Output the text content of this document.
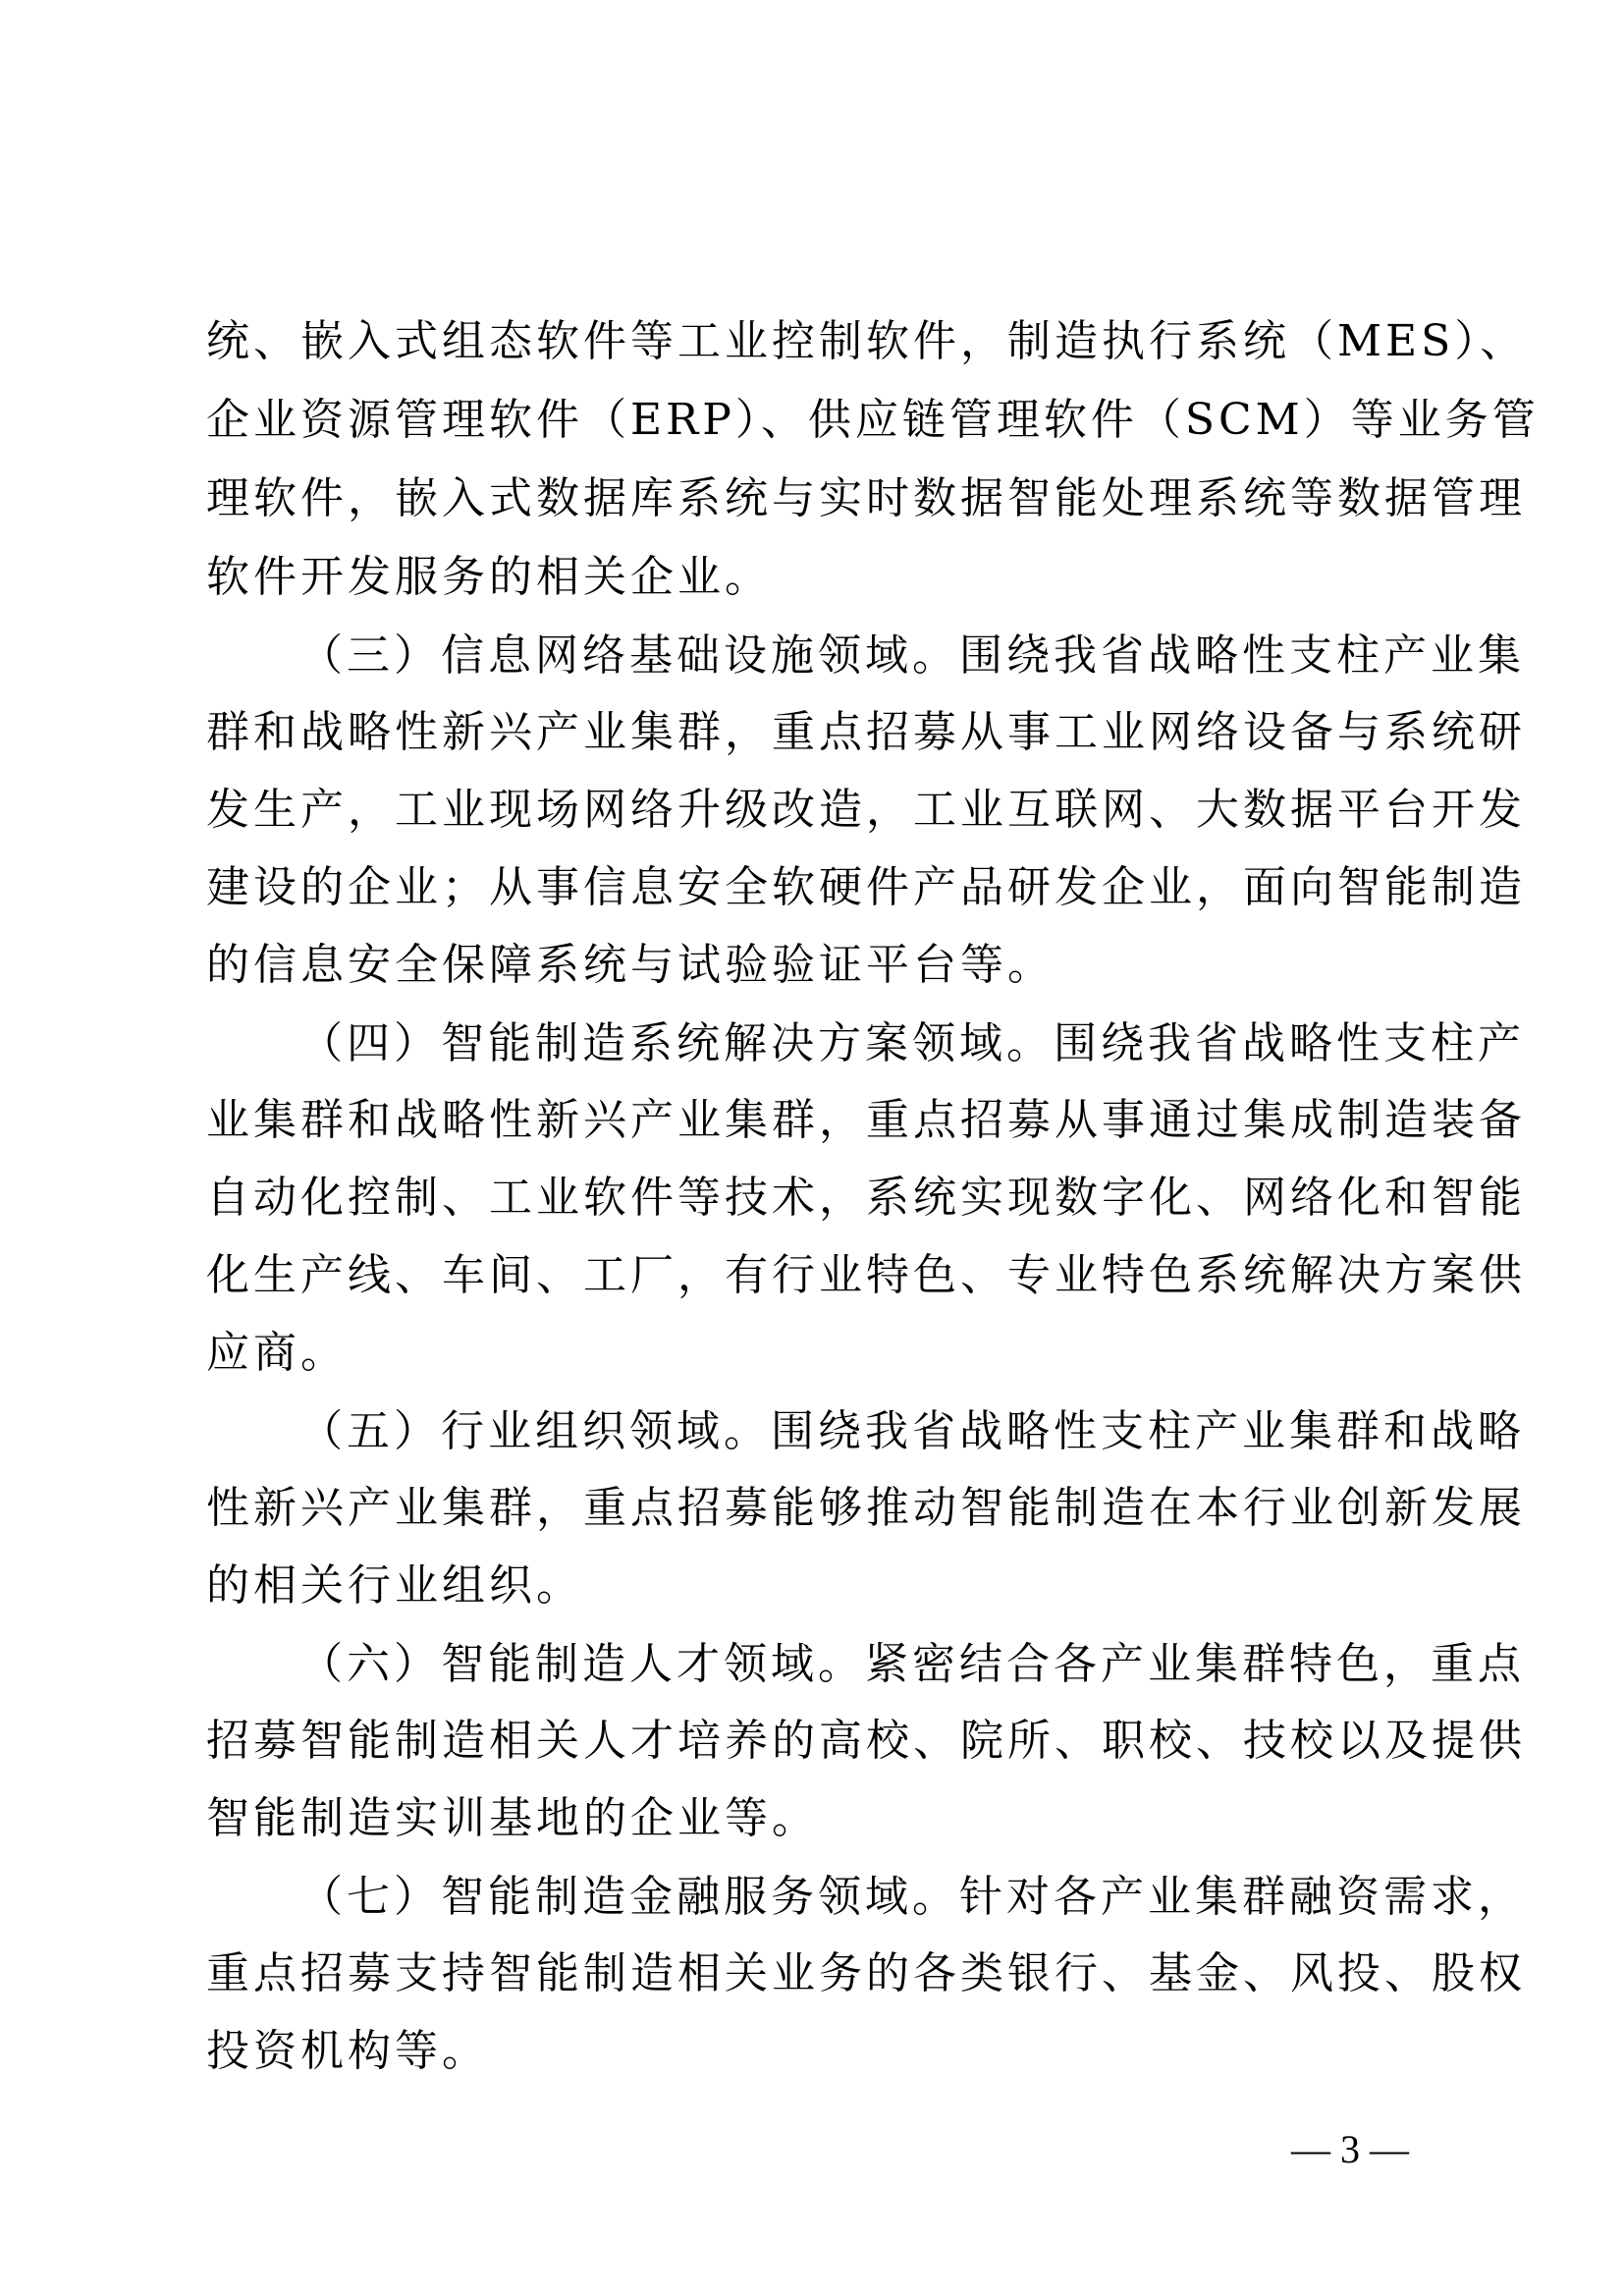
统、嵌入式组态软件等工业控制软件，制造执行系统（MES）、
企业资源管理软件（ERP）、供应链管理软件（SCM）等业务管
理软件，嵌入式数据库系统与实时数据智能处理系统等数据管理
软件开发服务的相关企业。
（三）信息网络基础设施领域。围绕我省战略性支柱产业集
群和战略性新兴产业集群，重点招募从事工业网络设备与系统研
发生产，工业现场网络升级改造，工业互联网、大数据平台开发
建设的企业；从事信息安全软硬件产品研发企业，面向智能制造
的信息安全保障系统与试验验证平台等。
（四）智能制造系统解决方案领域。围绕我省战略性支柱产
业集群和战略性新兴产业集群，重点招募从事通过集成制造装备
自动化控制、工业软件等技术，系统实现数字化、网络化和智能
化生产线、车间、工厂，有行业特色、专业特色系统解决方案供
应商。
（五）行业组织领域。围绕我省战略性支柱产业集群和战略
性新兴产业集群，重点招募能够推动智能制造在本行业创新发展
的相关行业组织。
（六）智能制造人才领域。紧密结合各产业集群特色，重点
招募智能制造相关人才培养的高校、院所、职校、技校以及提供
智能制造实训基地的企业等。
（七）智能制造金融服务领域。针对各产业集群融资需求，
重点招募支持智能制造相关业务的各类银行、基金、风投、股权
投资机构等。
— 3 —
